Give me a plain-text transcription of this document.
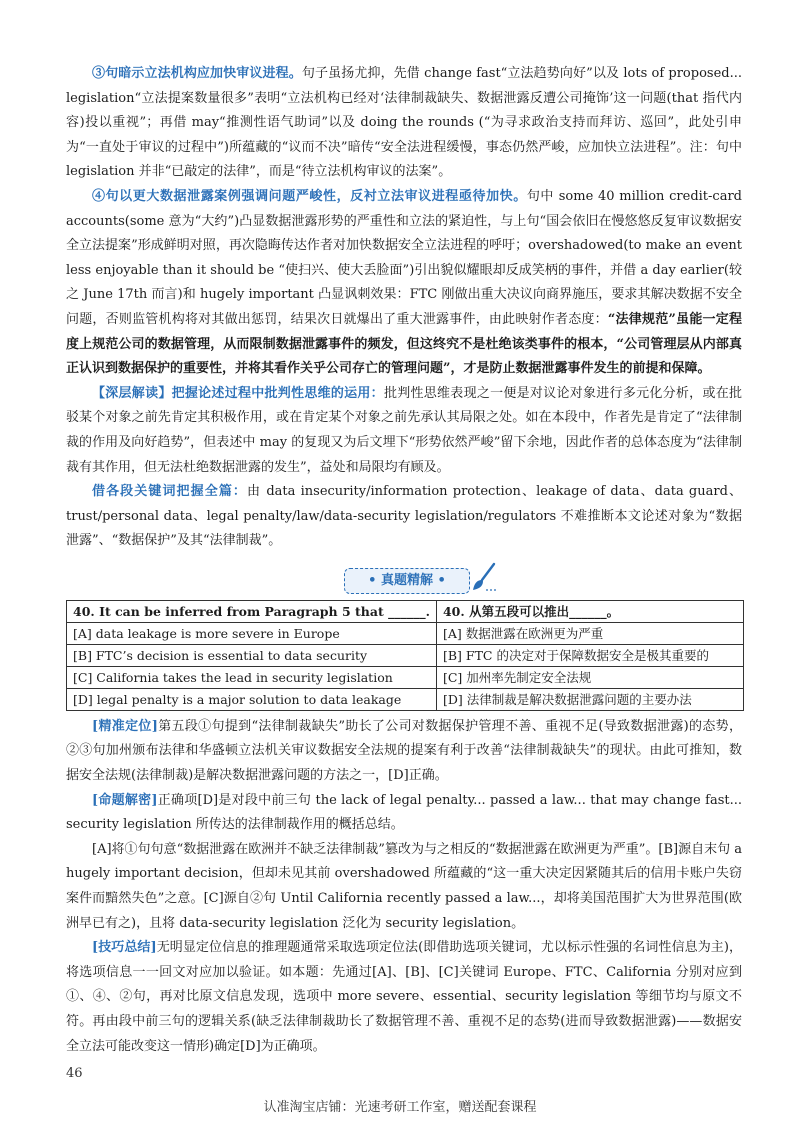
③句暗示立法机构应加快审议进程。句子虽扬尤抑，先借 change fast“立法趋势向好”以及 lots of proposed... legislation“立法提案数量很多”表明“立法机构已经对‘法律制裁缺失、数据泄露反遭公司掩饰’这一问题(that 指代内容)投以重视”；再借 may“推测性语气助词”以及 doing the rounds (“为寻求政治支持而拜访、巡回”，此处引申为“一直处于审议的过程中”)所蕴藏的“议而不决”暗传“安全法进程缓慢，事态仍然严峻，应加快立法进程”。注：句中 legislation 并非“已敲定的法律”，而是“待立法机构审议的法案”。

④句以更大数据泄露案例强调问题严峻性，反衬立法审议进程亟待加快。句中 some 40 million credit-card accounts(some 意为“大约”)凸显数据泄露形势的严重性和立法的紧迫性，与上句“国会依旧在慢悠悠反复审议数据安全立法提案”形成鲜明对照，再次隐晦传达作者对加快数据安全立法进程的呼吁；overshadowed(to make an event less enjoyable than it should be “使扫兴、使大丢脸面”)引出貌似耀眼却反成笑柄的事件，并借 a day earlier(较之 June 17th 而言)和 hugely important 凸显讽刺效果：FTC 刚做出重大决议向商界施压，要求其解决数据不安全问题，否则监管机构将对其做出惩罚，结果次日就爆出了重大泄露事件，由此映射作者态度：“法律规范”虽能一定程度上规范公司的数据管理，从而限制数据泄露事件的频发，但这终究不是杜绝该类事件的根本，“公司管理层从内部真正认识到数据保护的重要性，并将其看作关乎公司存亡的管理问题”，才是防止数据泄露事件发生的前提和保障。

【深层解读】把握论述过程中批判性思维的运用：批判性思维表现之一便是对议论对象进行多元化分析，或在批驳某个对象之前先肯定其积极作用，或在肯定某个对象之前先承认其局限之处。如在本段中，作者先是肯定了“法律制裁的作用及向好趋势”，但表述中 may 的复现又为后文埋下“形势依然严峻”留下余地，因此作者的总体态度为“法律制裁有其作用，但无法杜绝数据泄露的发生”，益处和局限均有顾及。

借各段关键词把握全篇：由 data insecurity/information protection、leakage of data、data guard、trust/personal data、legal penalty/law/data-security legislation/regulators 不难推断本文论述对象为“数据泄露”、“数据保护”及其“法律制裁”。

• 真题精解 •
40. It can be inferred from Paragraph 5 that ______.	40. 从第五段可以推出______。
[A] data leakage is more severe in Europe	[A] 数据泄露在欧洲更为严重
[B] FTC’s decision is essential to data security	[B] FTC 的决定对于保障数据安全是极其重要的
[C] California takes the lead in security legislation	[C] 加州率先制定安全法规
[D] legal penalty is a major solution to data leakage	[D] 法律制裁是解决数据泄露问题的主要办法

[精准定位]第五段①句提到“法律制裁缺失”助长了公司对数据保护管理不善、重视不足(导致数据泄露)的态势，②③句加州颁布法律和华盛顿立法机关审议数据安全法规的提案有利于改善“法律制裁缺失”的现状。由此可推知，数据安全法规(法律制裁)是解决数据泄露问题的方法之一，[D]正确。

[命题解密]正确项[D]是对段中前三句 the lack of legal penalty... passed a law... that may change fast... security legislation 所传达的法律制裁作用的概括总结。

[A]将①句句意“数据泄露在欧洲并不缺乏法律制裁”篡改为与之相反的“数据泄露在欧洲更为严重”。[B]源自末句 a hugely important decision，但却未见其前 overshadowed 所蕴藏的“这一重大决定因紧随其后的信用卡账户失窃案件而黯然失色”之意。[C]源自②句 Until California recently passed a law...，却将美国范围扩大为世界范围(欧洲早已有之)，且将 data-security legislation 泛化为 security legislation。

[技巧总结]无明显定位信息的推理题通常采取选项定位法(即借助选项关键词，尤以标示性强的名词性信息为主)，将选项信息一一回文对应加以验证。如本题：先通过[A]、[B]、[C]关键词 Europe、FTC、California 分别对应到①、④、②句，再对比原文信息发现，选项中 more severe、essential、security legislation 等细节均与原文不符。再由段中前三句的逻辑关系(缺乏法律制裁助长了数据管理不善、重视不足的态势(进而导致数据泄露)——数据安全立法可能改变这一情形)确定[D]为正确项。

46
认准淘宝店铺：光速考研工作室，赠送配套课程
